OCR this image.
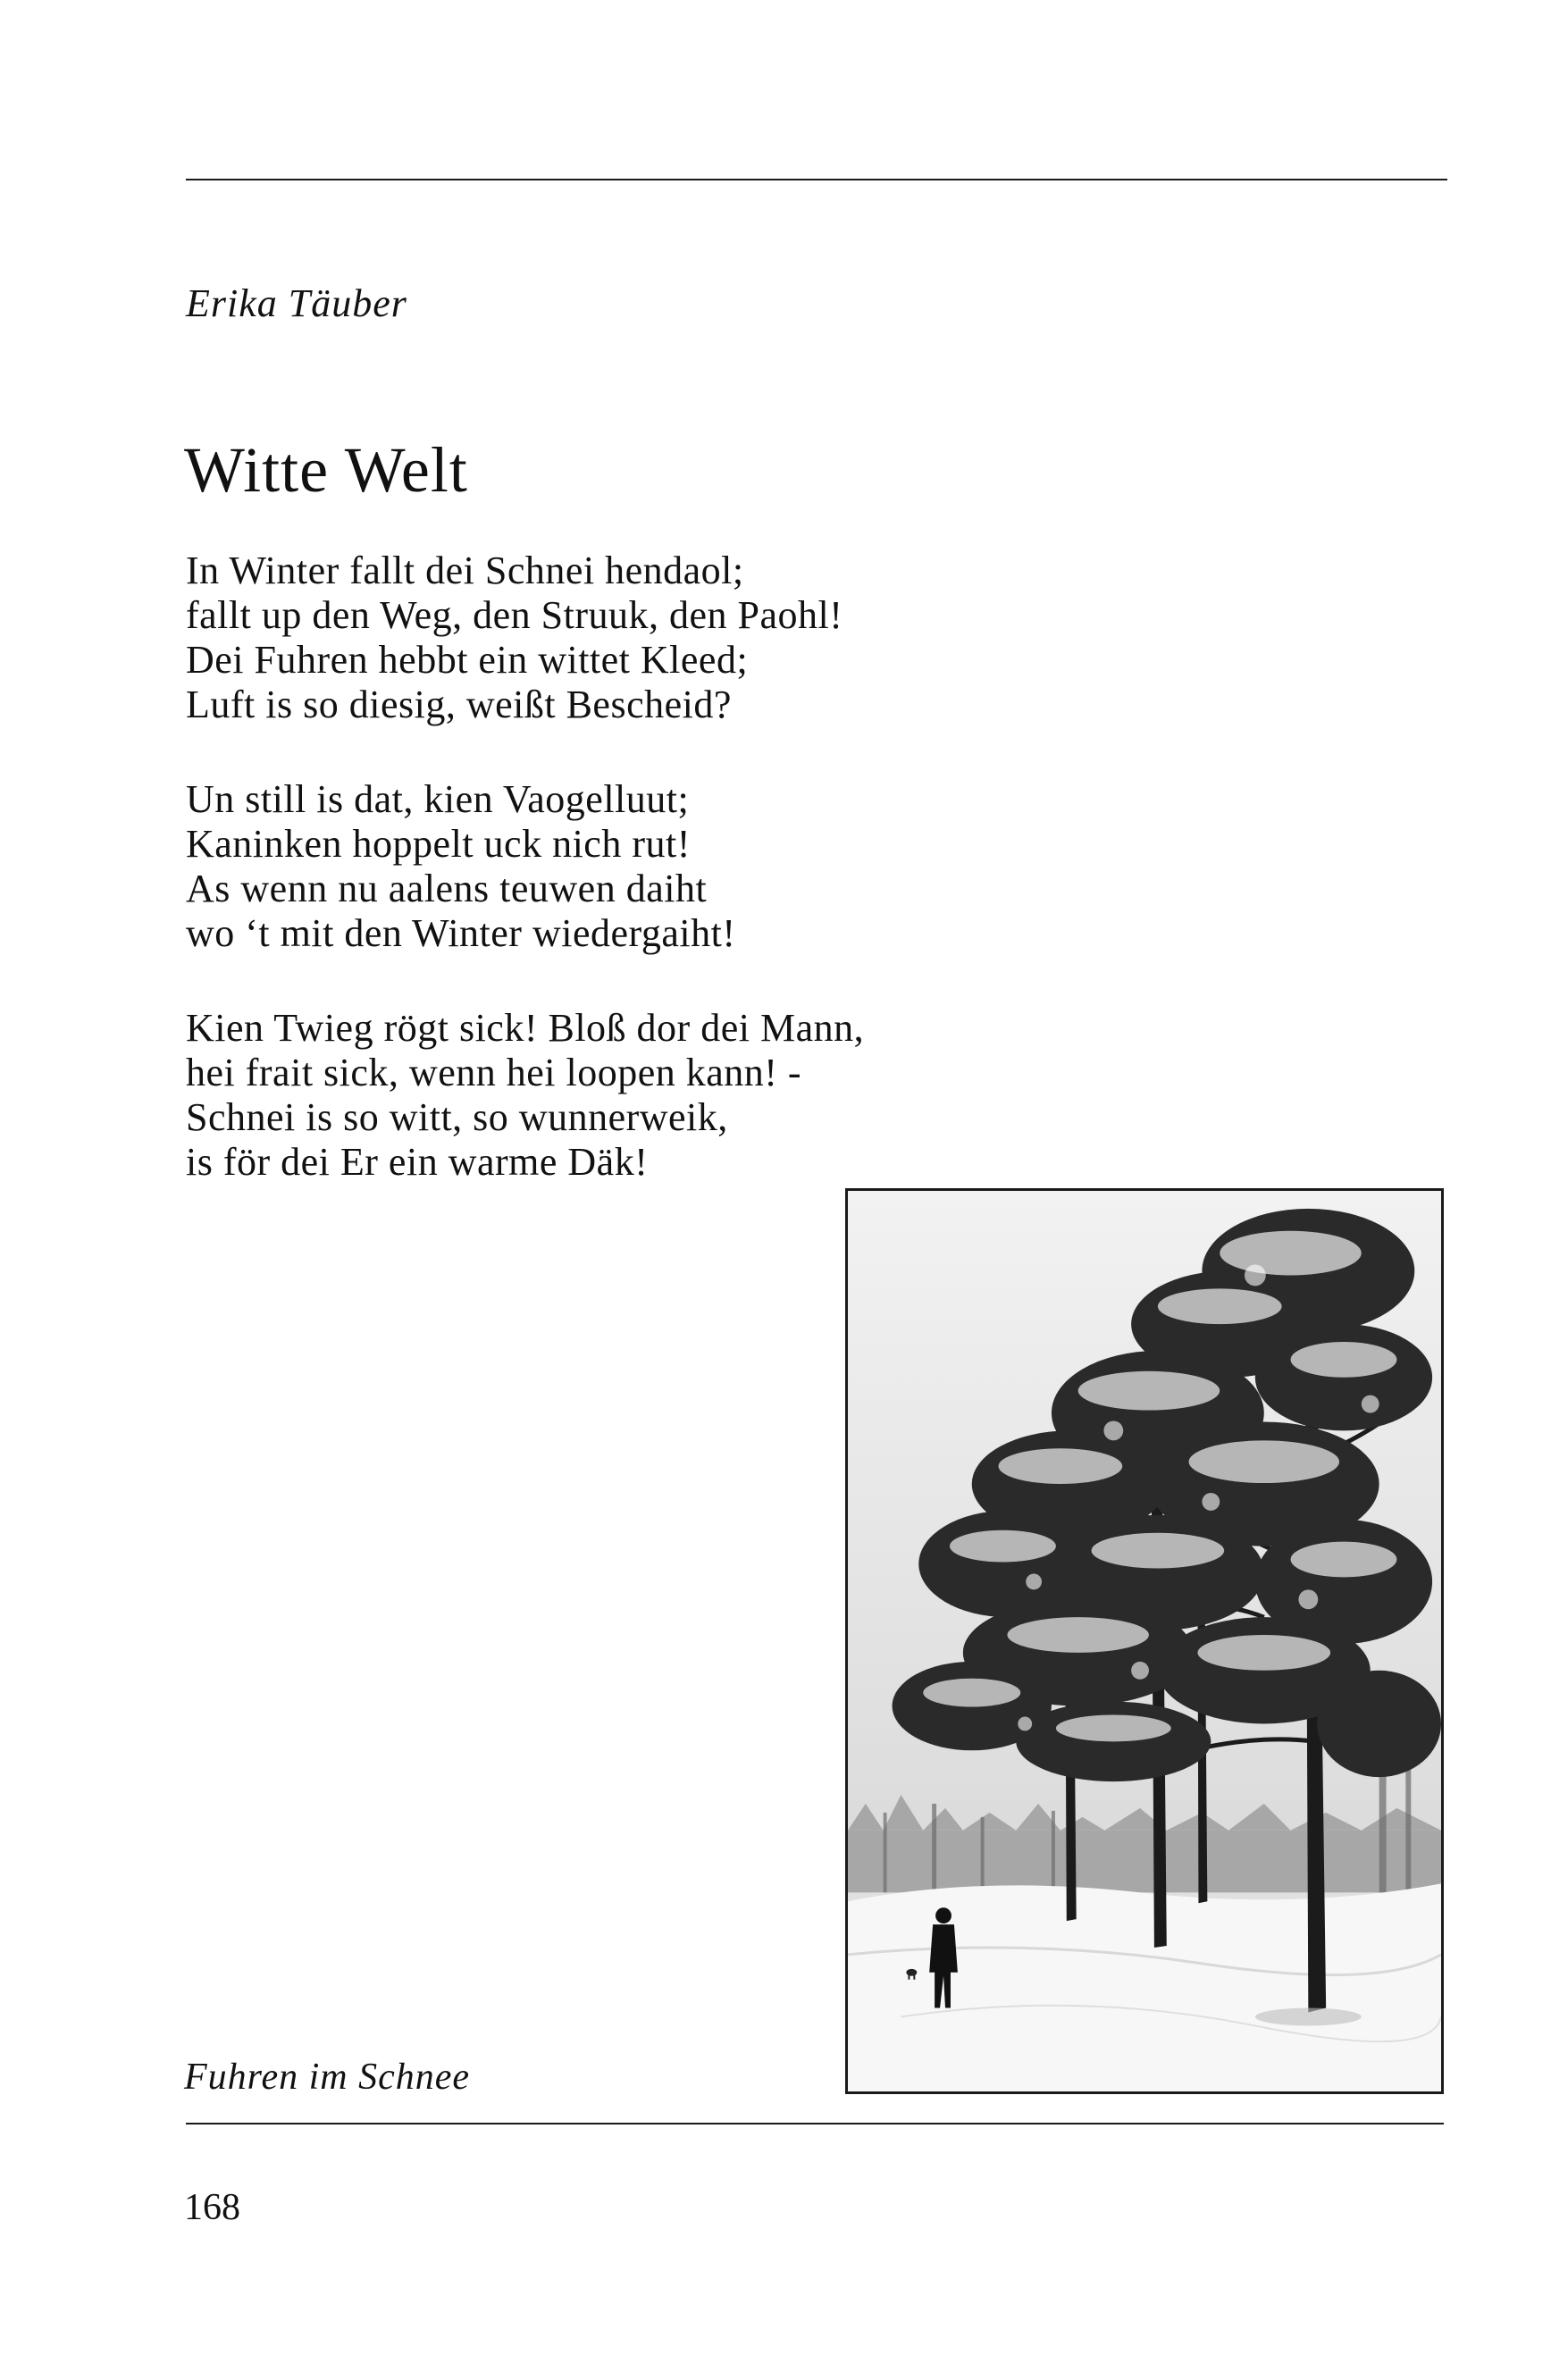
Erika Täuber
Witte Welt
In Winter fallt dei Schnei hendaol;
fallt up den Weg, den Struuk, den Paohl!
Dei Fuhren hebbt ein wittet Kleed;
Luft is so diesig, weißt Bescheid?
Un still is dat, kien Vaogelluut;
Kaninken hoppelt uck nich rut!
As wenn nu aalens teuwen daiht
wo ‘t mit den Winter wiedergaiht!
Kien Twieg rögt sick! Bloß dor dei Mann,
hei frait sick, wenn hei loopen kann! -
Schnei is so witt, so wunnerweik,
is för dei Er ein warme Däk!
Fuhren im Schnee
168
